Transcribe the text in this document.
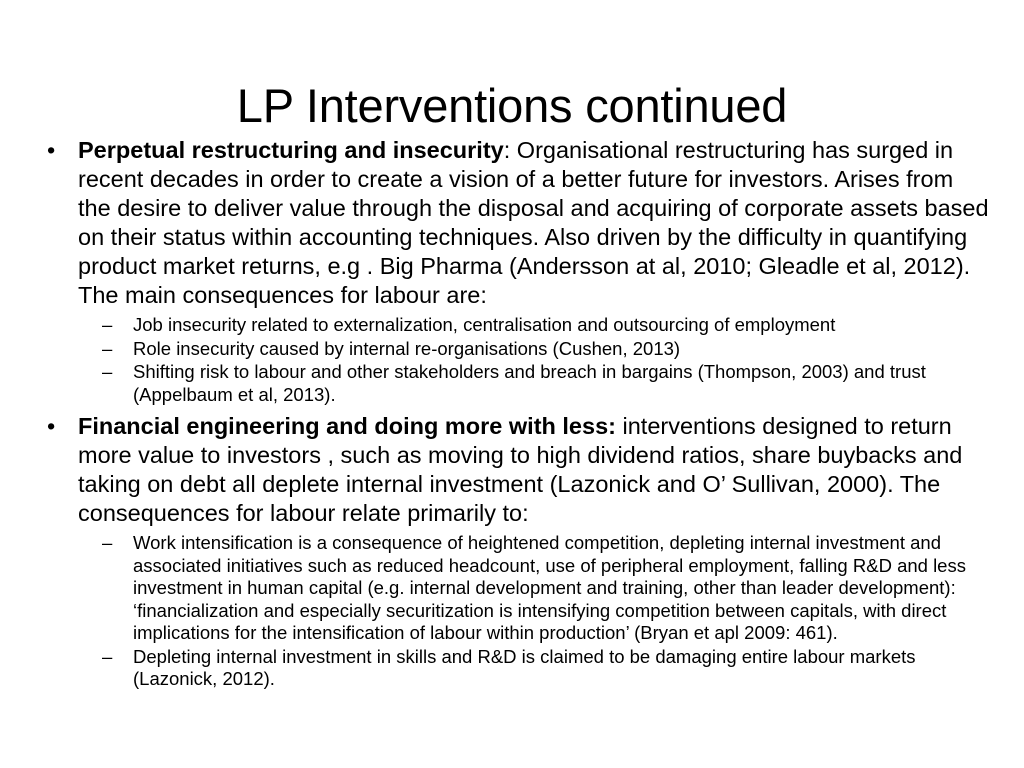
LP Interventions continued

• Perpetual restructuring and insecurity: Organisational restructuring has surged in recent decades in order to create a vision of a better future for investors. Arises from the desire to deliver value through the disposal and acquiring of corporate assets based on their status within accounting techniques. Also driven by the difficulty in quantifying product market returns, e.g . Big Pharma (Andersson at al, 2010; Gleadle et al, 2012). The main consequences for labour are:

– Job insecurity related to externalization, centralisation and outsourcing of employment

– Role insecurity caused by internal re-organisations (Cushen, 2013)

– Shifting risk to labour and other stakeholders and breach in bargains (Thompson, 2003) and trust (Appelbaum et al, 2013).

• Financial engineering and doing more with less: interventions designed to return more value to investors , such as moving to high dividend ratios, share buybacks and taking on debt all deplete internal investment (Lazonick and O’ Sullivan, 2000). The consequences for labour relate primarily to:

– Work intensification is a consequence of heightened competition, depleting internal investment and associated initiatives such as reduced headcount, use of peripheral employment, falling R&D and less investment in human capital (e.g. internal development and training, other than leader development): ‘financialization and especially securitization is intensifying competition between capitals, with direct implications for the intensification of labour within production’ (Bryan et apl 2009: 461).

– Depleting internal investment in skills and R&D is claimed to be damaging entire labour markets (Lazonick, 2012).
